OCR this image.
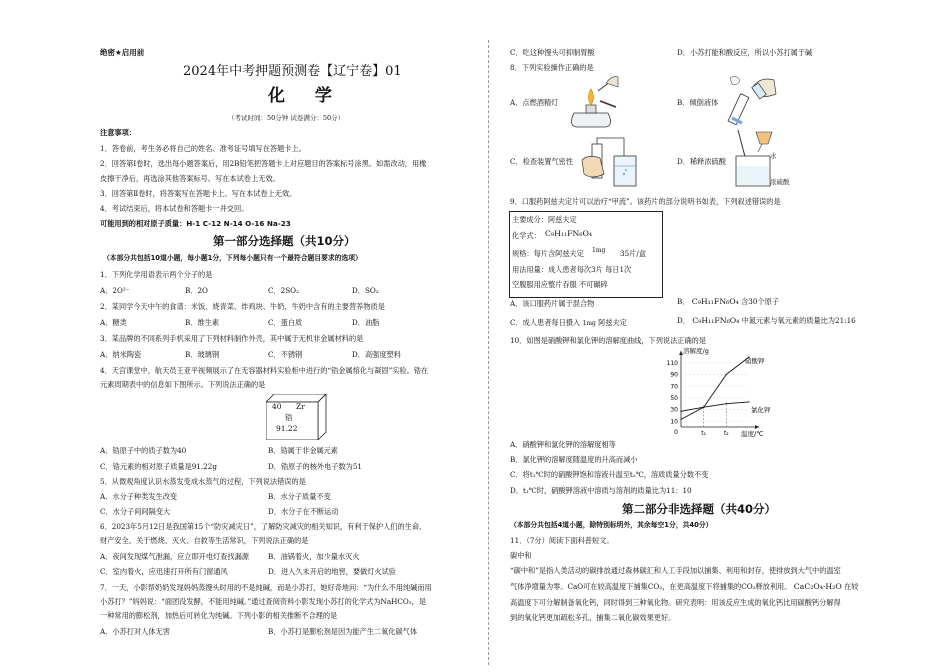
绝密★启用前
2024年中考押题预测卷【辽宁卷】01
化 学
（考试时间：50分钟 试卷满分：50分）
注意事项：
1．答卷前，考生务必将自己的姓名、准考证号填写在答题卡上。
2．回答第Ⅰ卷时，选出每小题答案后，用2B铅笔把答题卡上对应题目的答案标号涂黑。如需改动，用橡
皮擦干净后，再选涂其他答案标号。写在本试卷上无效。
3．回答第Ⅱ卷时，将答案写在答题卡上。写在本试卷上无效。
4．考试结束后，将本试卷和答题卡一并交回。
可能用到的相对原子质量：H-1 C-12 N-14 O-16 Na-23
第一部分选择题（共10分）
（本部分共包括10道小题，每小题1分，下列每小题只有一个最符合题目要求的选项）
1．下列化学用语表示两个分子的是
A．2O²⁻	B．2O	C．2SO₂	D．SO₂
2．某同学今天中午的食谱：米饭、烧青菜、炸鸡块、牛奶，牛奶中含有的主要营养物质是
A．糖类	B．维生素	C．蛋白质	D．油脂
3．某品牌的不同系列手机采用了下列材料制作外壳，其中属于无机非金属材料的是
A．纳米陶瓷	B．玻璃钢	C．不锈钢	D．高强度塑料
4．天宫课堂中，航天员王亚平视频展示了在无容器材料实验柜中进行的“锆金属熔化与凝固”实验。锆在
元素周期表中的信息如下图所示。下列说法正确的是
40 Zr
锆
91.22
A．锆原子中的质子数为40	B．锆属于非金属元素
C．锆元素的相对原子质量是91.22g	D．锆原子的核外电子数为51
5．从微观角度认识水蒸发变成水蒸气的过程，下列说法错误的是
A．水分子种类发生改变	B．水分子质量不变
C．水分子间间隔变大	D．水分子在不断运动
6．2023年5月12日是我国第15个“防灾减灾日”，了解防灾减灾的相关知识，有利于保护人们的生命、
财产安全。关于燃烧、灭火、自救等生活常识，下列说法正确的是
A．夜间发现煤气泄漏，应立即开电灯查找漏源	B．油锅着火，加少量水灭火
C．室内着火，应迅速打开所有门窗通风	D．进入久未开启的地窖，要做灯火试验
7．一天，小影帮奶奶发现妈妈蒸馒头时用的不是纯碱，而是小苏打，她好奇地问：“为什么不用纯碱而用
小苏打？”妈妈说：“面团没发酵，不能用纯碱。”通过查阅资料小影发现小苏打的化学式为NaHCO₃，是
一种常用的膨松剂，加热后可转化为纯碱。下列小影的相关推断不合理的是
A．小苏打对人体无害	B．小苏打是膨松剂是因为能产生二氧化碳气体
C．吃这种馒头可抑制胃酸	D．小苏打能和酸反应，所以小苏打属于碱
8．下列实验操作正确的是
A．点燃酒精灯	B．倾倒液体
C．检查装置气密性	D．稀释浓硫酸
水
浓硫酸
9．口服药阿兹夫定片可以治疗“甲流”。该药片的部分说明书如表，下列叙述错误的是
主要成分：阿兹夫定
化学式： C₉H₁₁FN₆O₄
规格：每片含阿兹夫定 1mg 35片/盒
用法用量：成人患者每次3片 每日1次
空腹服用应整片吞服 不可碾碎
A．该口服药片属于混合物	B． C₉H₁₁FN₆O₄ 含30个原子
C．成人患者每日摄入 1mg 阿兹夫定	D． C₉H₁₁FN₆O₄ 中氮元素与氧元素的质量比为21:16
10．如图是硝酸钾和氯化钾的溶解度曲线，下列说法正确的是
110
90
70
50
30
10
0	t₁	t₂
硝酸钾
氯化钾
溶解度/g
温度/℃
A．硝酸钾和氯化钾的溶解度相等
B．氯化钾的溶解度随温度的升高而减小
C．将t₁℃时的硝酸钾饱和溶液升温至t₂℃，溶质质量分数不变
D．t₁℃时，硝酸钾溶液中溶质与溶剂的质量比为11：10
第二部分非选择题（共40分）
（本部分共包括4道小题，除特别标明外，其余每空1分，共40分）
11．（7分）阅读下面科普短文。
碳中和
“碳中和”是指人类活动的碳排放通过森林碳汇和人工手段加以捕集、利用和封存，使排放到大气中的温室
气体净增量为零。CaO可在较高温度下捕集CO₂，在更高温度下将捕集的CO₂释放利用。 CaC₂O₄·H₂O 在较
高温度下可分解制备氧化钙，同时得到三种氧化物。研究表明：用该反应生成的氧化钙比用碳酸钙分解得
到的氧化钙更加疏松多孔，捕集二氧化碳效果更好。
